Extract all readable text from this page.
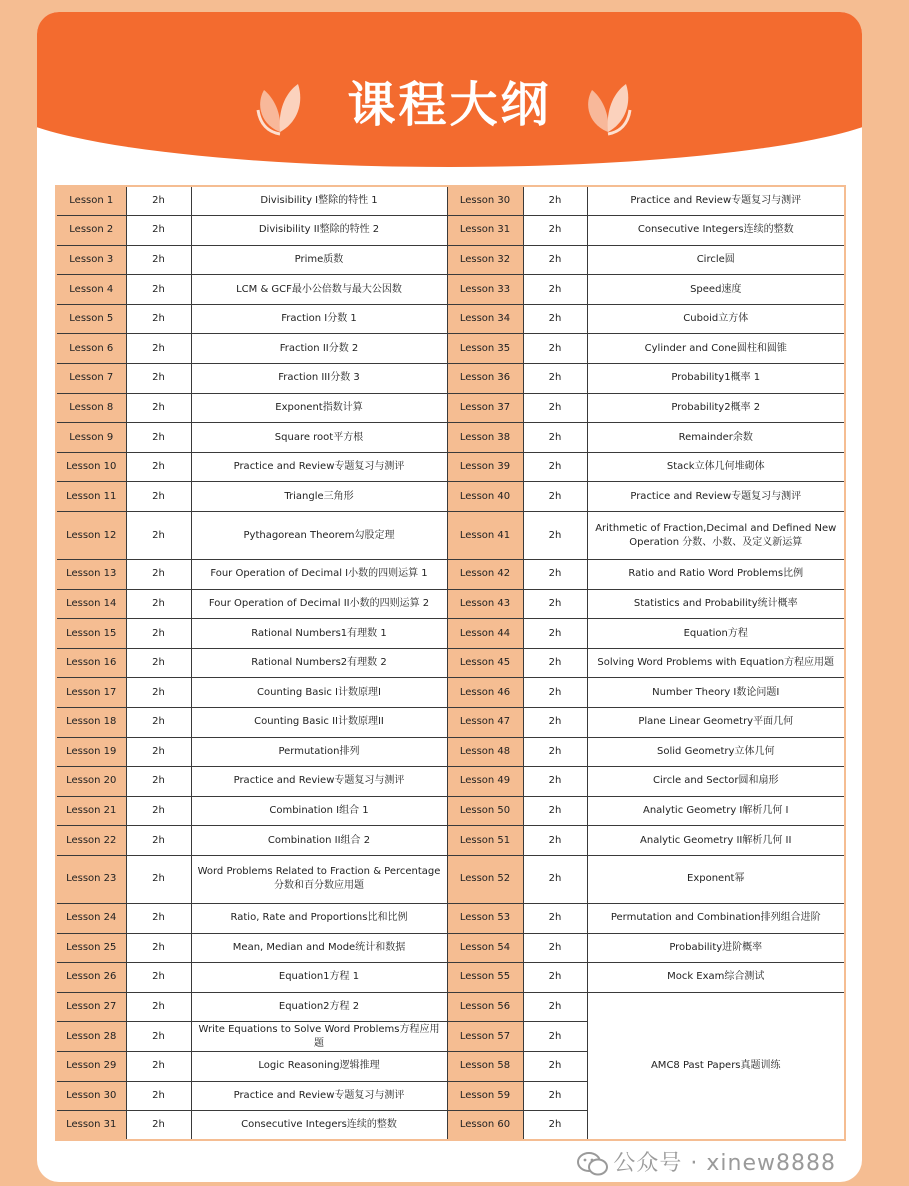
课程大纲
Lesson 1	2h	Divisibility I整除的特性 1	Lesson 30	2h	Practice and Review专题复习与测评
Lesson 2	2h	Divisibility II整除的特性 2	Lesson 31	2h	Consecutive Integers连续的整数
Lesson 3	2h	Prime质数	Lesson 32	2h	Circle圆
Lesson 4	2h	LCM & GCF最小公倍数与最大公因数	Lesson 33	2h	Speed速度
Lesson 5	2h	Fraction I分数 1	Lesson 34	2h	Cuboid立方体
Lesson 6	2h	Fraction II分数 2	Lesson 35	2h	Cylinder and Cone圆柱和圆锥
Lesson 7	2h	Fraction III分数 3	Lesson 36	2h	Probability1概率 1
Lesson 8	2h	Exponent指数计算	Lesson 37	2h	Probability2概率 2
Lesson 9	2h	Square root平方根	Lesson 38	2h	Remainder余数
Lesson 10	2h	Practice and Review专题复习与测评	Lesson 39	2h	Stack立体几何堆砌体
Lesson 11	2h	Triangle三角形	Lesson 40	2h	Practice and Review专题复习与测评
Lesson 12	2h	Pythagorean Theorem勾股定理	Lesson 41	2h	Arithmetic of Fraction,Decimal and Defined New Operation 分数、小数、及定义新运算
Lesson 13	2h	Four Operation of Decimal I小数的四则运算 1	Lesson 42	2h	Ratio and Ratio Word Problems比例
Lesson 14	2h	Four Operation of Decimal II小数的四则运算 2	Lesson 43	2h	Statistics and Probability统计概率
Lesson 15	2h	Rational Numbers1有理数 1	Lesson 44	2h	Equation方程
Lesson 16	2h	Rational Numbers2有理数 2	Lesson 45	2h	Solving Word Problems with Equation方程应用题
Lesson 17	2h	Counting Basic I计数原理I	Lesson 46	2h	Number Theory I数论问题I
Lesson 18	2h	Counting Basic II计数原理II	Lesson 47	2h	Plane Linear Geometry平面几何
Lesson 19	2h	Permutation排列	Lesson 48	2h	Solid Geometry立体几何
Lesson 20	2h	Practice and Review专题复习与测评	Lesson 49	2h	Circle and Sector圆和扇形
Lesson 21	2h	Combination I组合 1	Lesson 50	2h	Analytic Geometry I解析几何 I
Lesson 22	2h	Combination II组合 2	Lesson 51	2h	Analytic Geometry II解析几何 II
Lesson 23	2h	Word Problems Related to Fraction & Percentage 分数和百分数应用题	Lesson 52	2h	Exponent幂
Lesson 24	2h	Ratio, Rate and Proportions比和比例	Lesson 53	2h	Permutation and Combination排列组合进阶
Lesson 25	2h	Mean, Median and Mode统计和数据	Lesson 54	2h	Probability进阶概率
Lesson 26	2h	Equation1方程 1	Lesson 55	2h	Mock Exam综合测试
Lesson 27	2h	Equation2方程 2	Lesson 56	2h	AMC8 Past Papers真题训练
Lesson 28	2h	Write Equations to Solve Word Problems方程应用题	Lesson 57	2h	
Lesson 29	2h	Logic Reasoning逻辑推理	Lesson 58	2h	
Lesson 30	2h	Practice and Review专题复习与测评	Lesson 59	2h	
Lesson 31	2h	Consecutive Integers连续的整数	Lesson 60	2h	
公众号 · xinew8888
